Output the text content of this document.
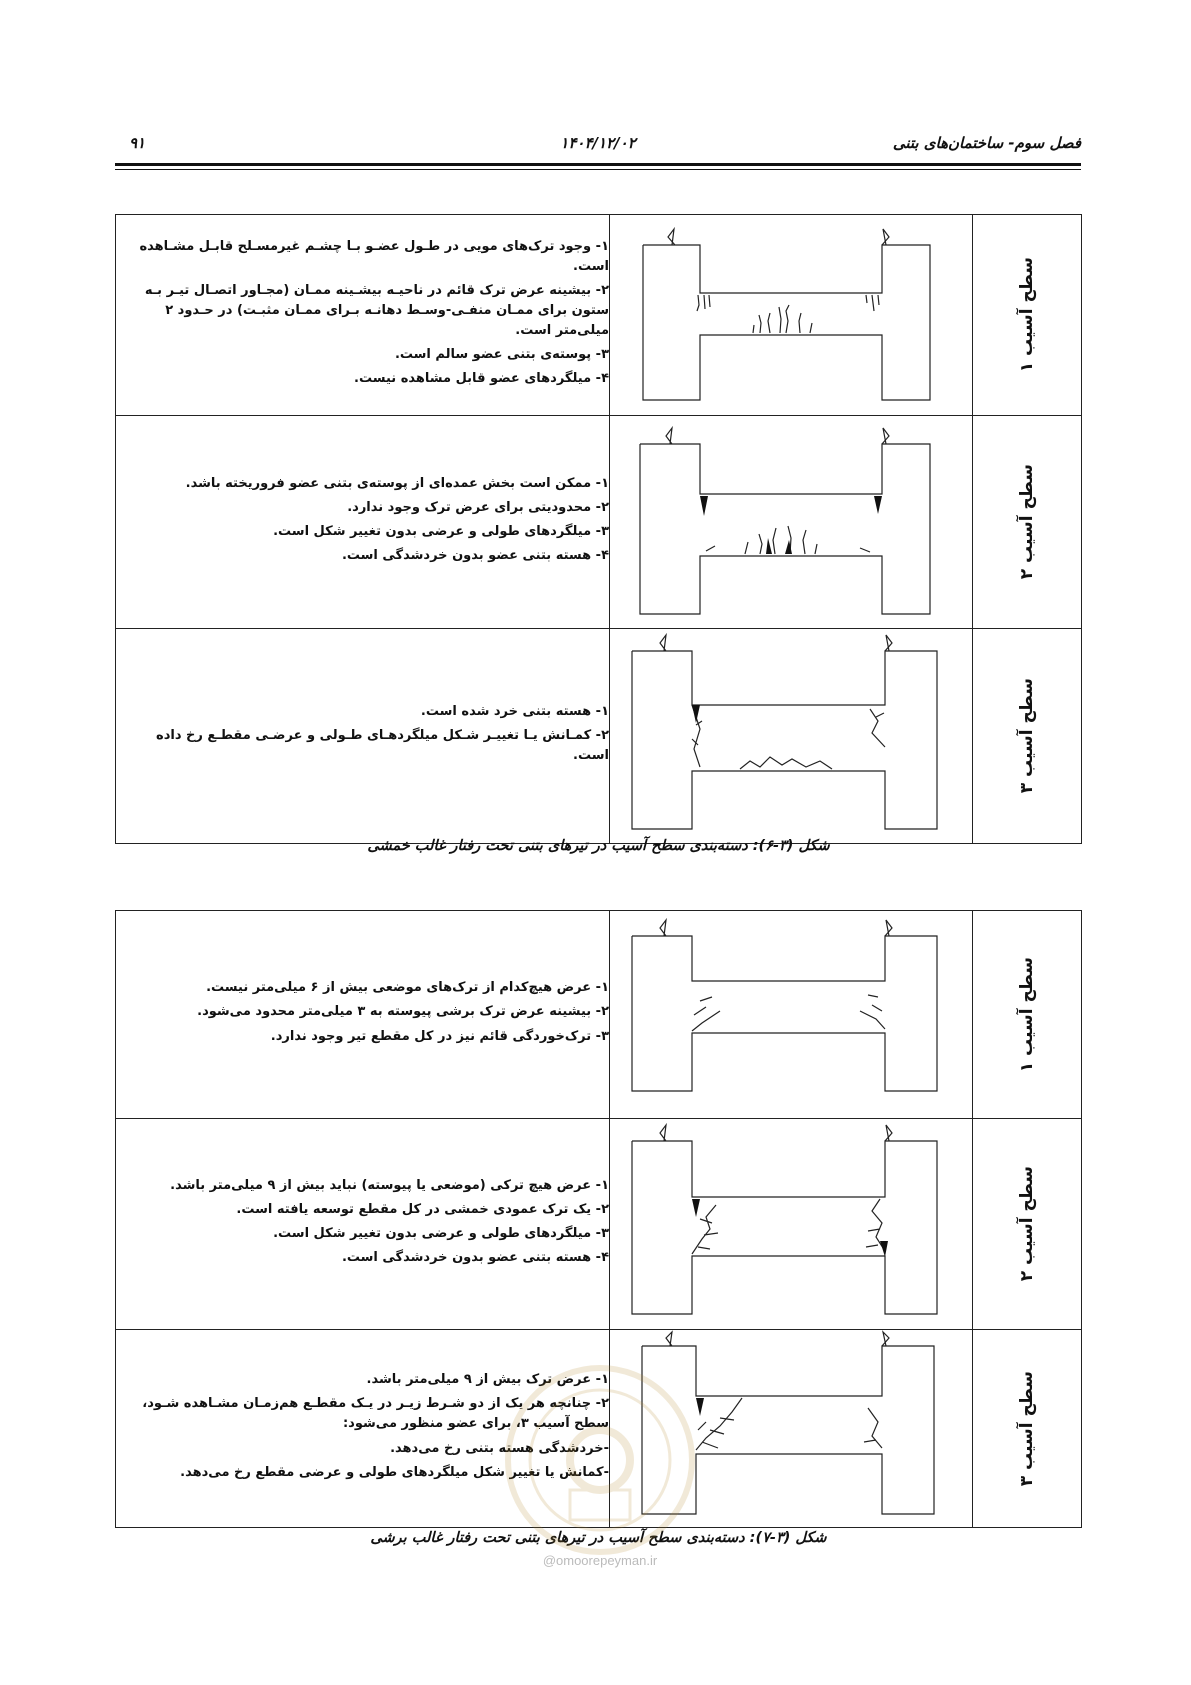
فصل سوم- ساختمان‌های بتنی
۱۴۰۴/۱۲/۰۲
۹۱

۱- وجود ترک‌های مویی در طـول عضـو بـا چشـم غیرمسـلح قابـل مشـاهده است.

۲- بیشینه عرض ترک قائم در ناحیـه بیشـینه ممـان (مجـاور اتصـال تیـر بـه ستون برای ممـان منفـی-وسـط دهانـه بـرای ممـان مثبـت) در حـدود ۲ میلی‌متر است.

۳- پوسته‌ی بتنی عضو سالم است.

۴- میلگردهای عضو قابل مشاهده نیست.		سطح آسیب ۱

۱- ممکن است بخش عمده‌ای از پوسته‌ی بتنی عضو فروریخته باشد.

۲- محدودیتی برای عرض ترک وجود ندارد.

۳- میلگردهای طولی و عرضی بدون تغییر شکل است.

۴- هسته بتنی عضو بدون خردشدگی است.		سطح آسیب ۲

۱- هسته بتنی خرد شده است.

۲- کمـانش یـا تغییـر شـکل میلگردهـای طـولی و عرضـی مقطـع رخ داده است.		سطح آسیب ۳
شکل (۳-۶): دسته‌بندی سطح آسیب در تیرهای بتنی تحت رفتار غالب خمشی

۱- عرض هیچ‌کدام از ترک‌های موضعی بیش از ۶ میلی‌متر نیست.

۲- بیشینه عرض ترک برشی پیوسته به ۳ میلی‌متر محدود می‌شود.

۳- ترک‌خوردگی قائم نیز در کل مقطع تیر وجود ندارد.		سطح آسیب ۱

۱- عرض هیچ ترکی (موضعی یا پیوسته) نباید بیش از ۹ میلی‌متر باشد.

۲- یک ترک عمودی خمشی در کل مقطع توسعه یافته است.

۳- میلگردهای طولی و عرضی بدون تغییر شکل است.

۴- هسته بتنی عضو بدون خردشدگی است.		سطح آسیب ۲

۱- عرض ترک بیش از ۹ میلی‌متر باشد.

۲- چنانچه هر یک از دو شـرط زیـر در یـک مقطـع هم‌زمـان مشـاهده شـود، سطح آسیب ۳، برای عضو منظور می‌شود:

-خردشدگی هسته بتنی رخ می‌دهد.

-کمانش یا تغییر شکل میلگردهای طولی و عرضی مقطع رخ می‌دهد.		سطح آسیب ۳
شکل (۳-۷): دسته‌بندی سطح آسیب در تیرهای بتنی تحت رفتار غالب برشی
@omoorepeyman.ir
